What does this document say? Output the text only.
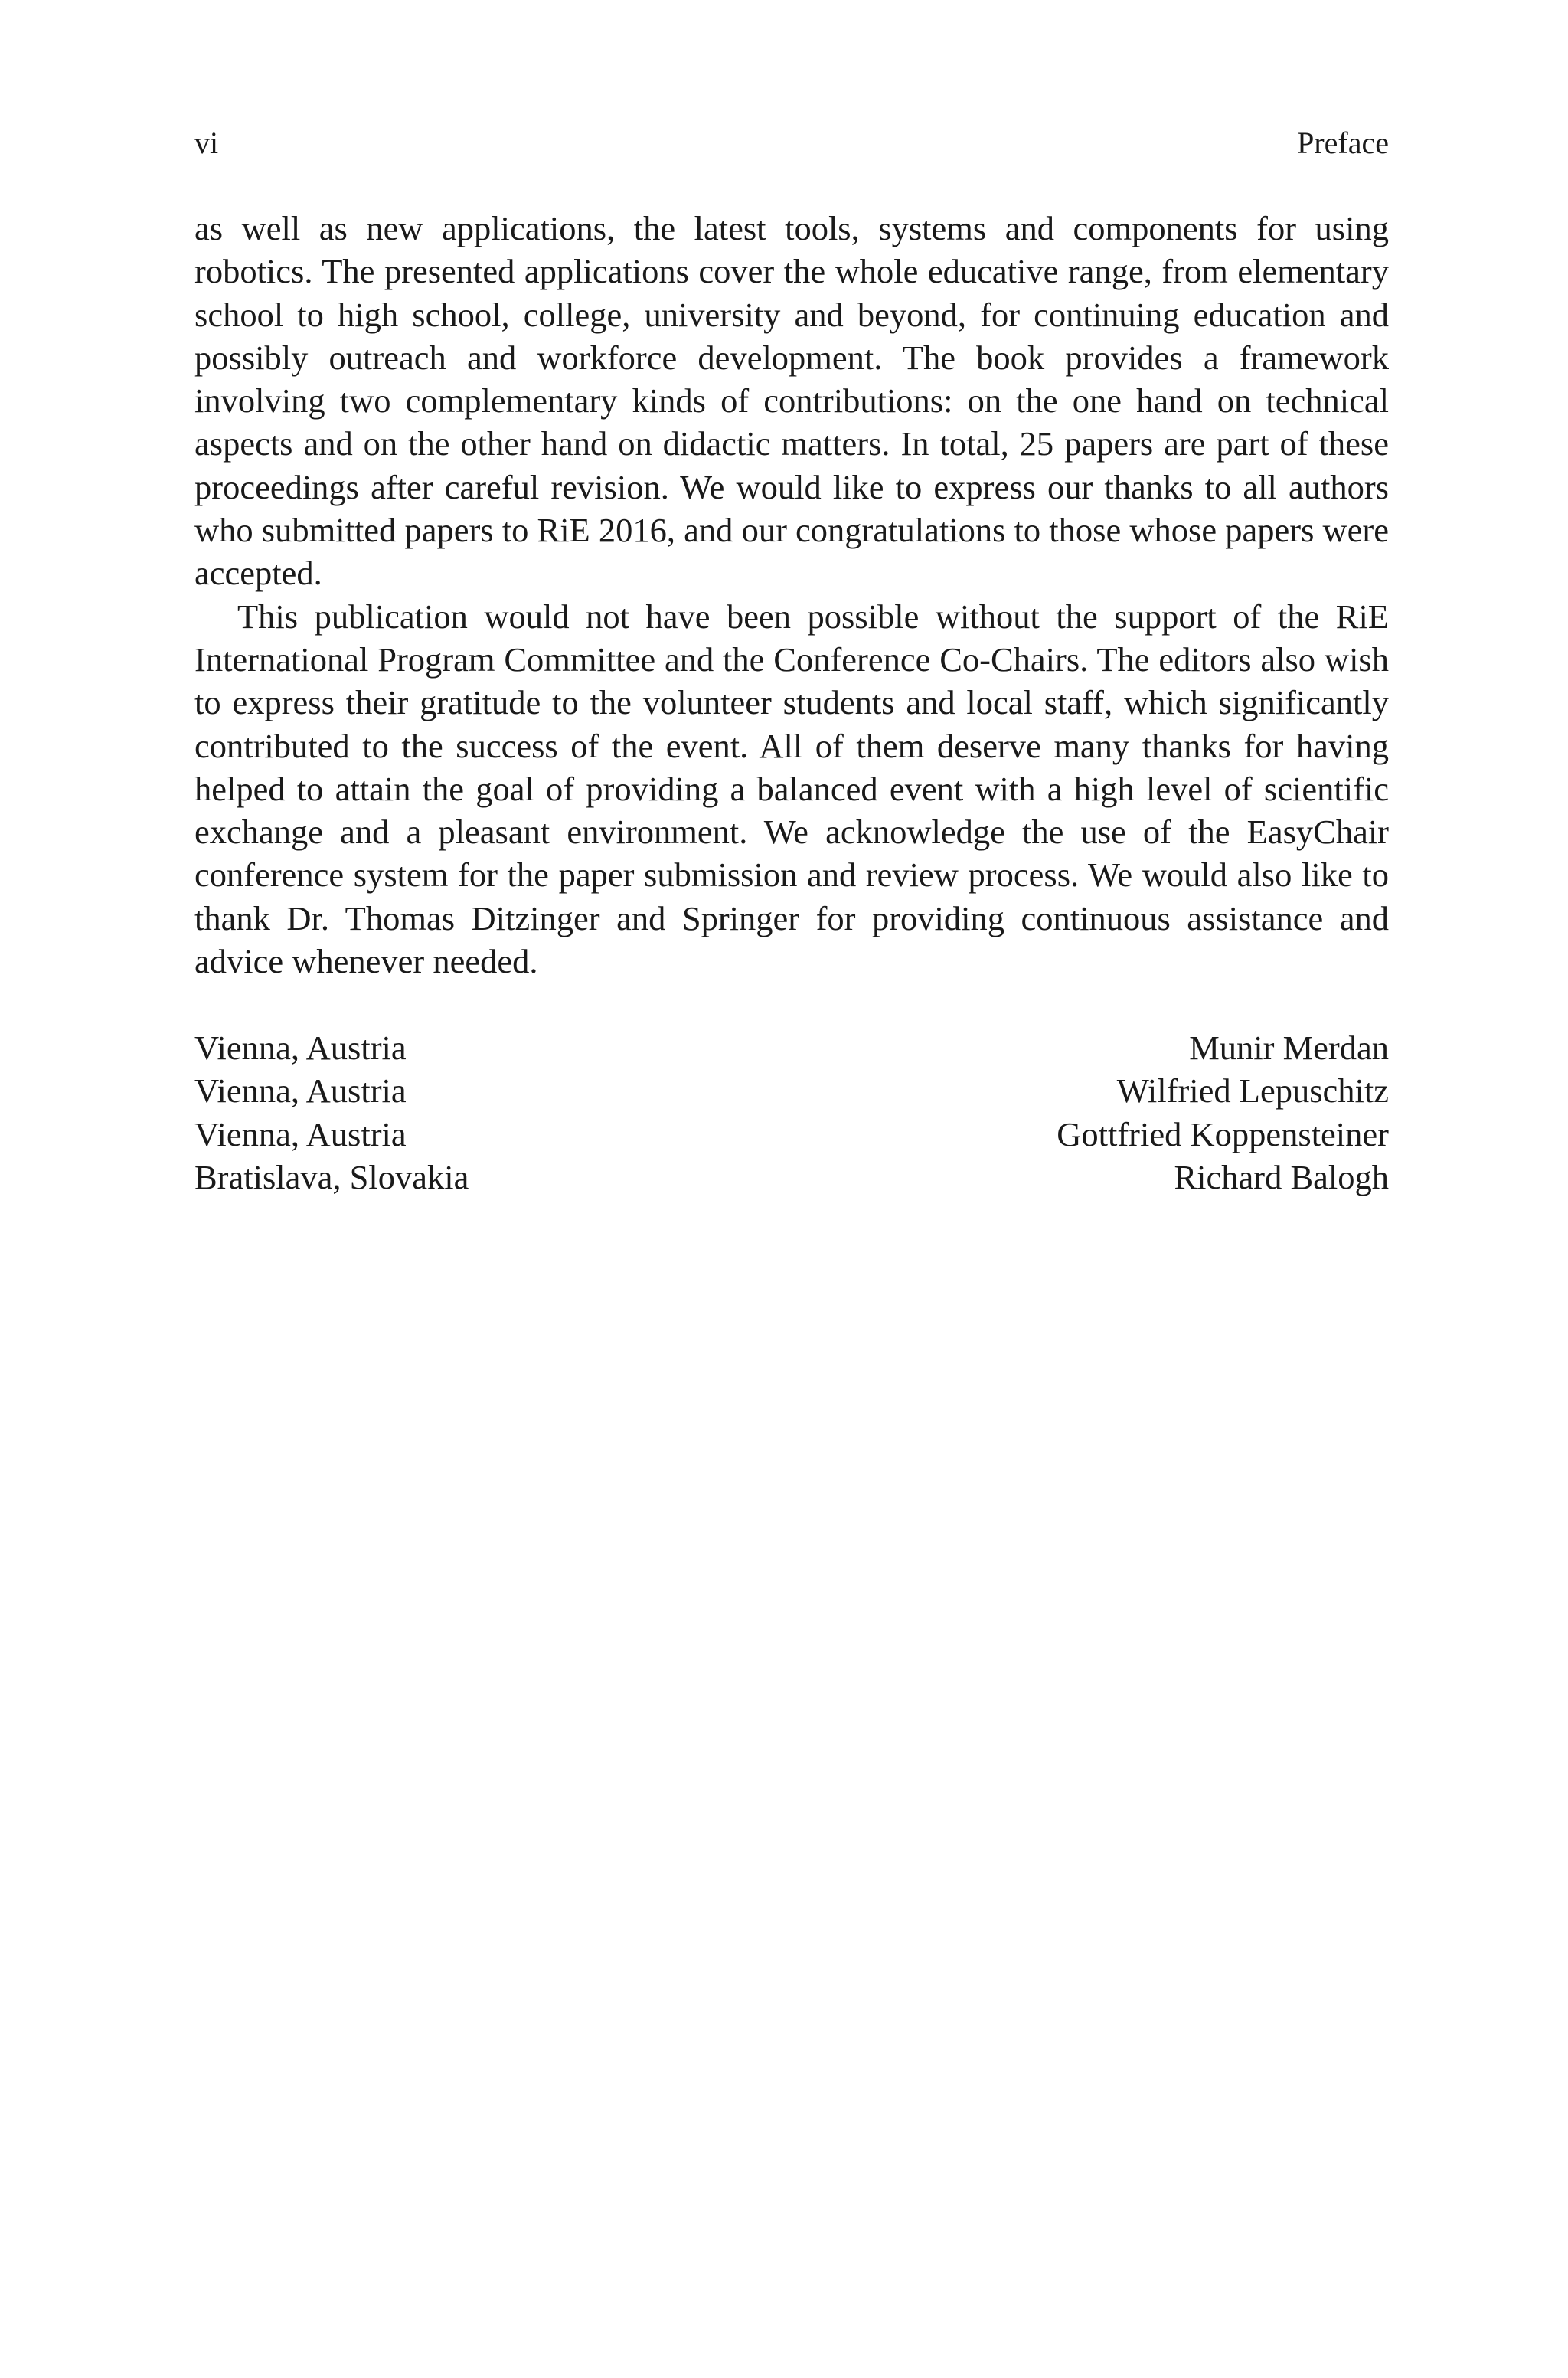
vi	Preface

as well as new applications, the latest tools, systems and components for using robotics. The presented applications cover the whole educative range, from elementary school to high school, college, university and beyond, for continuing education and possibly outreach and workforce development. The book provides a framework involving two complementary kinds of contributions: on the one hand on technical aspects and on the other hand on didactic matters. In total, 25 papers are part of these proceedings after careful revision. We would like to express our thanks to all authors who submitted papers to RiE 2016, and our congratulations to those whose papers were accepted.

This publication would not have been possible without the support of the RiE International Program Committee and the Conference Co-Chairs. The editors also wish to express their gratitude to the volunteer students and local staff, which significantly contributed to the success of the event. All of them deserve many thanks for having helped to attain the goal of providing a balanced event with a high level of scientific exchange and a pleasant environment. We acknowledge the use of the EasyChair conference system for the paper submission and review process. We would also like to thank Dr. Thomas Ditzinger and Springer for providing continuous assistance and advice whenever needed.

Vienna, Austria	Munir Merdan
Vienna, Austria	Wilfried Lepuschitz
Vienna, Austria	Gottfried Koppensteiner
Bratislava, Slovakia	Richard Balogh
